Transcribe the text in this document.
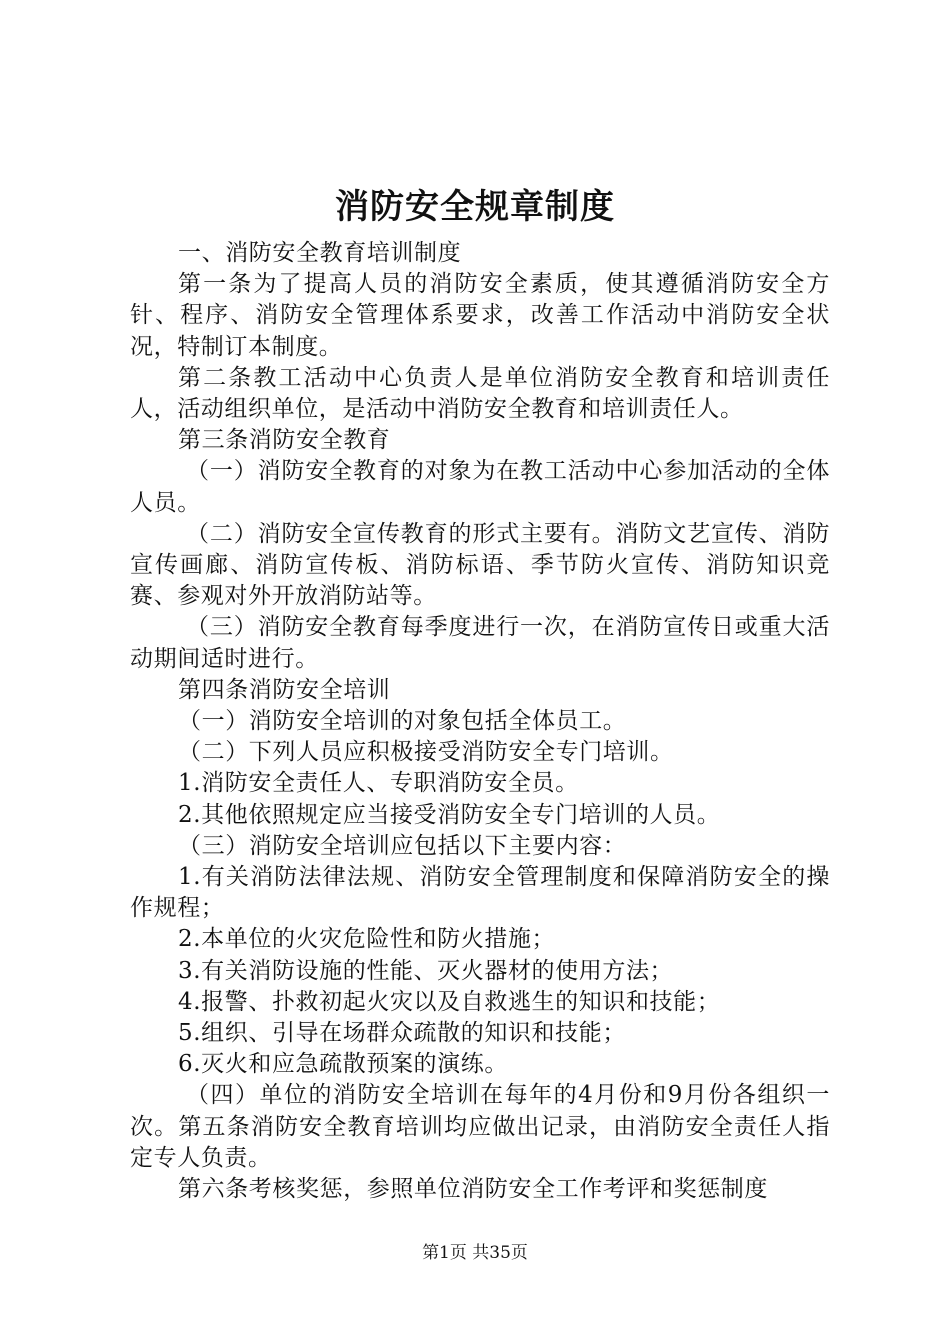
消防安全规章制度

一、消防安全教育培训制度

第一条为了提高人员的消防安全素质，使其遵循消防安全方针、程序、消防安全管理体系要求，改善工作活动中消防安全状况，特制订本制度。

第二条教工活动中心负责人是单位消防安全教育和培训责任人，活动组织单位，是活动中消防安全教育和培训责任人。

第三条消防安全教育

（一）消防安全教育的对象为在教工活动中心参加活动的全体人员。

（二）消防安全宣传教育的形式主要有。消防文艺宣传、消防宣传画廊、消防宣传板、消防标语、季节防火宣传、消防知识竞赛、参观对外开放消防站等。

（三）消防安全教育每季度进行一次，在消防宣传日或重大活动期间适时进行。

第四条消防安全培训

（一）消防安全培训的对象包括全体员工。

（二）下列人员应积极接受消防安全专门培训。

1.消防安全责任人、专职消防安全员。

2.其他依照规定应当接受消防安全专门培训的人员。

（三）消防安全培训应包括以下主要内容：

1.有关消防法律法规、消防安全管理制度和保障消防安全的操作规程；

2.本单位的火灾危险性和防火措施；

3.有关消防设施的性能、灭火器材的使用方法；

4.报警、扑救初起火灾以及自救逃生的知识和技能；

5.组织、引导在场群众疏散的知识和技能；

6.灭火和应急疏散预案的演练。

（四）单位的消防安全培训在每年的4月份和9月份各组织一次。第五条消防安全教育培训均应做出记录，由消防安全责任人指定专人负责。

第六条考核奖惩，参照单位消防安全工作考评和奖惩制度

第1页 共35页
